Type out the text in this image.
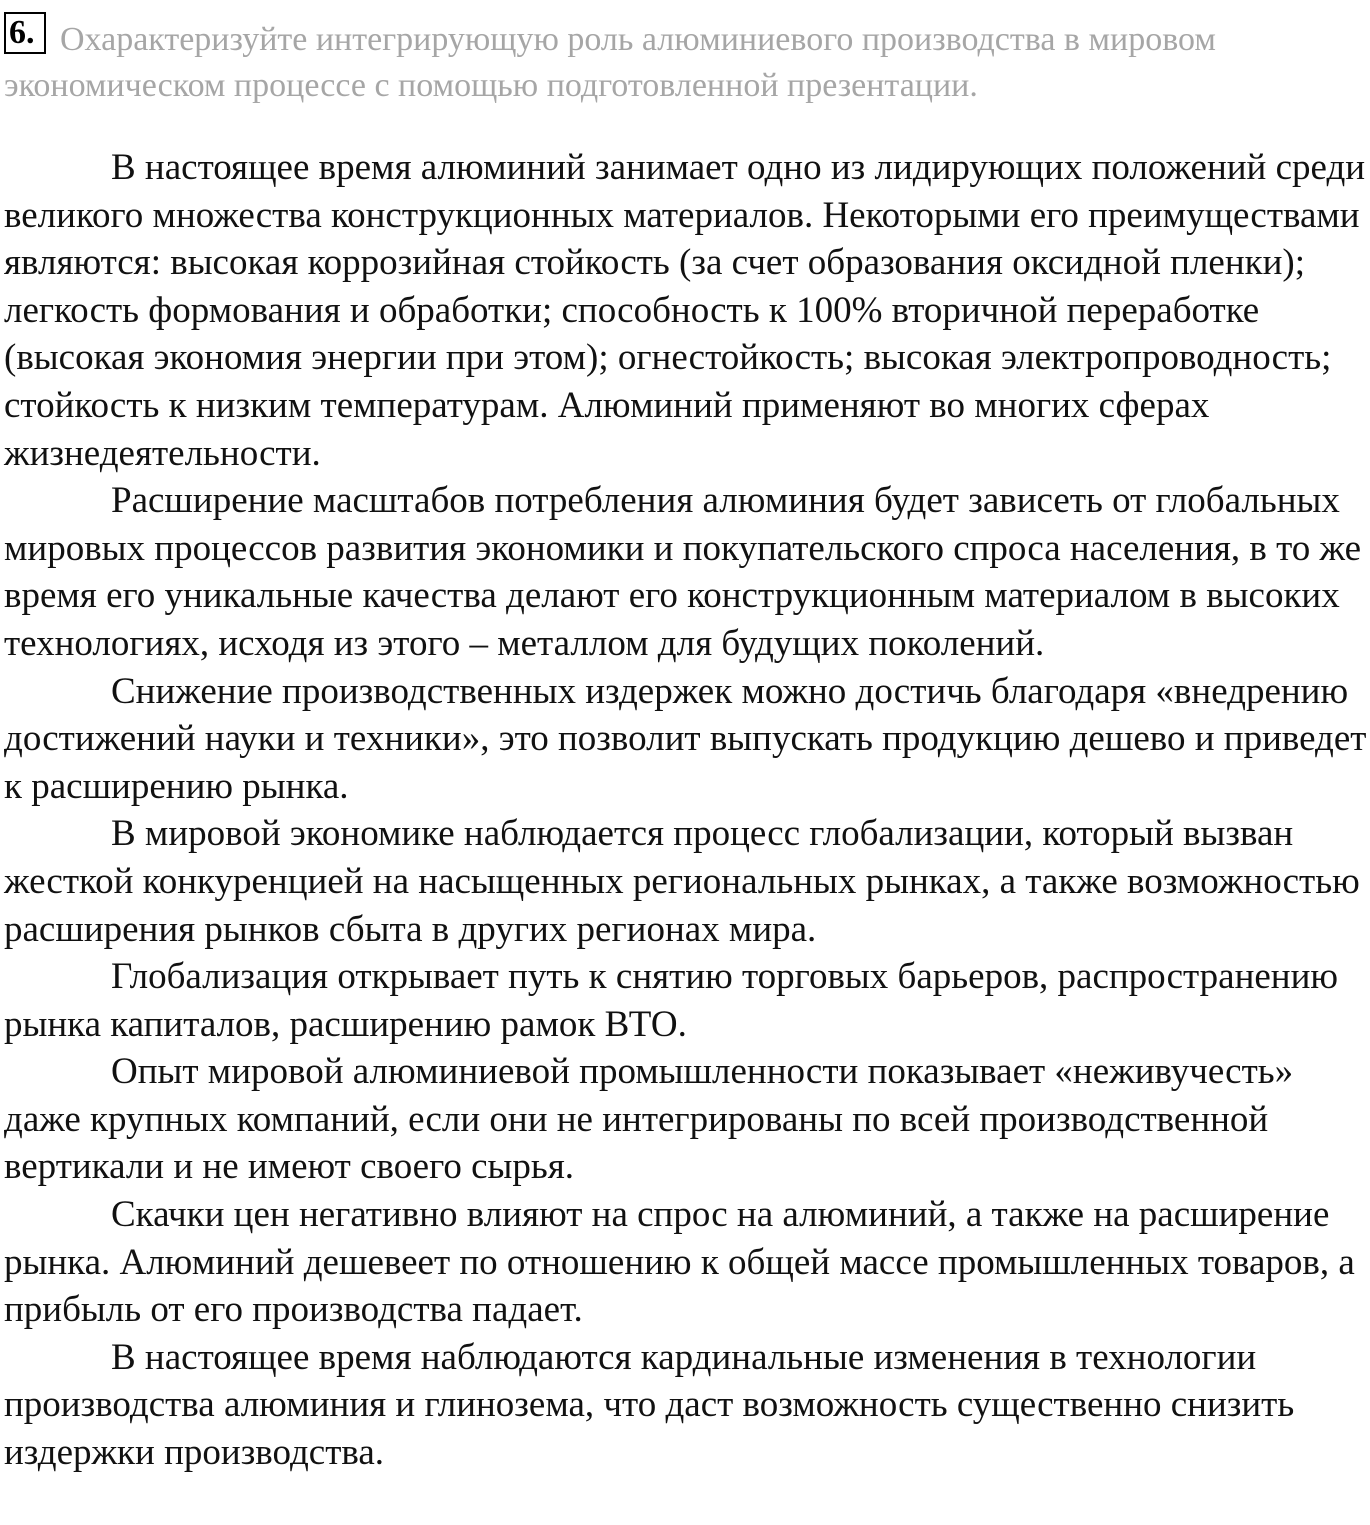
Охарактеризуйте интегрирующую роль алюминиевого производства в мировом экономическом процессе с помощью подготовленной презентации.

6.

В настоящее время алюминий занимает одно из лидирующих положений среди великого множества конструкционных материалов. Некоторыми его преимуществами являются: высокая коррозийная стойкость (за счет образования оксидной пленки); легкость формования и обработки; способность к 100% вторичной переработке (высокая экономия энергии при этом); огнестойкость; высокая электропроводность; стойкость к низким температурам. Алюминий применяют во многих сферах жизнедеятельности.

Расширение масштабов потребления алюминия будет зависеть от глобальных мировых процессов развития экономики и покупательского спроса населения, в то же время его уникальные качества делают его конструкционным материалом в высоких технологиях, исходя из этого – металлом для будущих поколений.

Снижение производственных издержек можно достичь благодаря «внедрению достижений науки и техники», это позволит выпускать продукцию дешево и приведет к расширению рынка.

В мировой экономике наблюдается процесс глобализации, который вызван жесткой конкуренцией на насыщенных региональных рынках, а также возможностью расширения рынков сбыта в других регионах мира.

Глобализация открывает путь к снятию торговых барьеров, распространению рынка капиталов, расширению рамок ВТО.

Опыт мировой алюминиевой промышленности показывает «неживучесть» даже крупных компаний, если они не интегрированы по всей производственной вертикали и не имеют своего сырья.

Скачки цен негативно влияют на спрос на алюминий, а также на расширение рынка. Алюминий дешевеет по отношению к общей массе промышленных товаров, а прибыль от его производства падает.

В настоящее время наблюдаются кардинальные изменения в технологии производства алюминия и глинозема, что даст возможность существенно снизить издержки производства.
